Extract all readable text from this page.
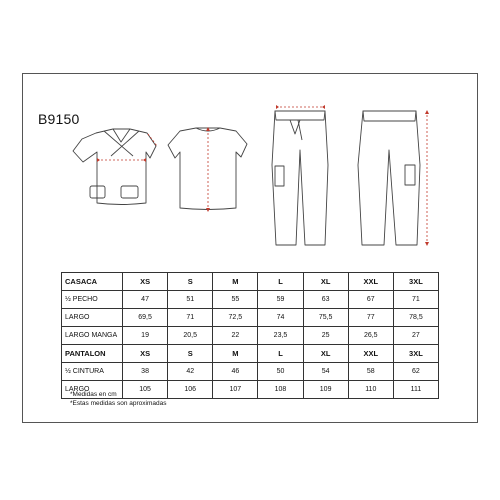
B9150
CASACA	XS	S	M	L	XL	XXL	3XL
½ PECHO	47	51	55	59	63	67	71
LARGO	69,5	71	72,5	74	75,5	77	78,5
LARGO MANGA	19	20,5	22	23,5	25	26,5	27
PANTALON	XS	S	M	L	XL	XXL	3XL
½ CINTURA	38	42	46	50	54	58	62
LARGO	105	106	107	108	109	110	111
*Medidas en cm
*Estas medidas son aproximadas
